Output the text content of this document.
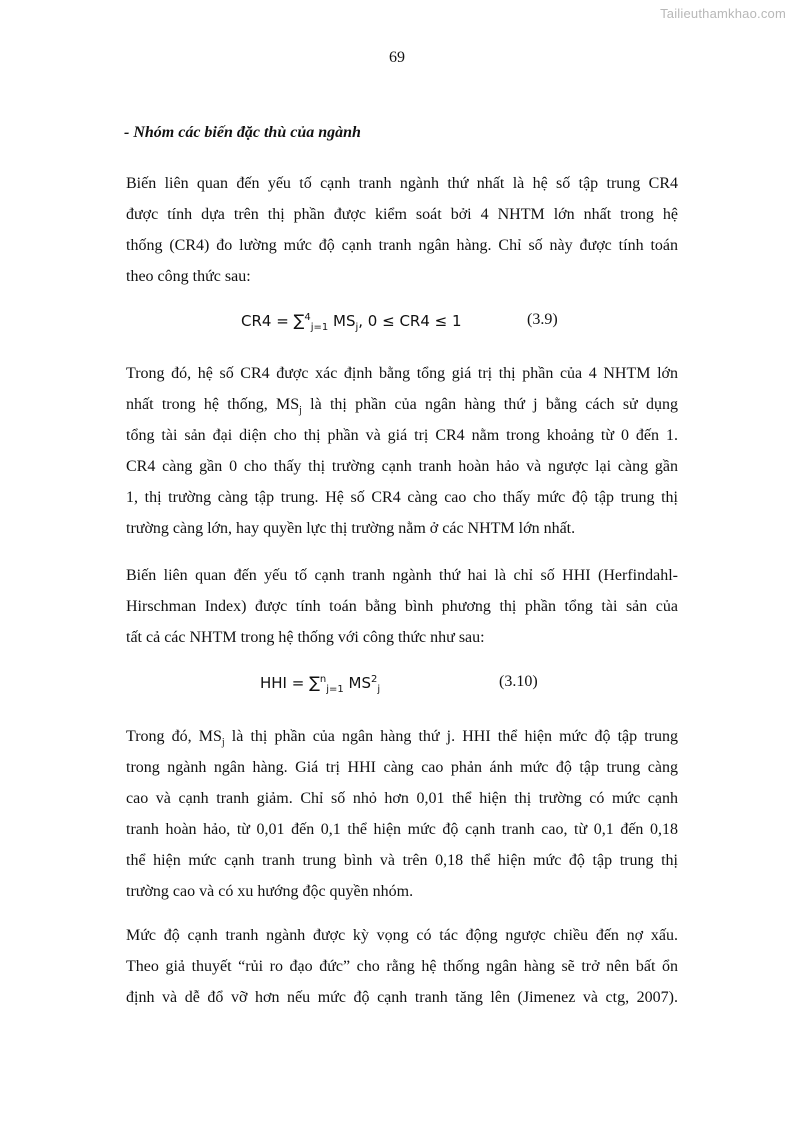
Tailieuthamkhao.com
69
- Nhóm các biến đặc thù của ngành
Biến liên quan đến yếu tố cạnh tranh ngành thứ nhất là hệ số tập trung CR4
được tính dựa trên thị phần được kiểm soát bởi 4 NHTM lớn nhất trong hệ
thống (CR4) đo lường mức độ cạnh tranh ngân hàng. Chỉ số này được tính toán
theo công thức sau:
CR4 = ∑$^4_{j=1}$ $MS_j$, 0 ≤ CR4 ≤ 1	(3.9)
Trong đó, hệ số CR4 được xác định bằng tổng giá trị thị phần của 4 NHTM lớn
nhất trong hệ thống, $MS_j$ là thị phần của ngân hàng thứ j bằng cách sử dụng
tổng tài sản đại diện cho thị phần và giá trị CR4 nằm trong khoảng từ 0 đến 1.
CR4 càng gần 0 cho thấy thị trường cạnh tranh hoàn hảo và ngược lại càng gần
1, thị trường càng tập trung. Hệ số CR4 càng cao cho thấy mức độ tập trung thị
trường càng lớn, hay quyền lực thị trường nằm ở các NHTM lớn nhất.
Biến liên quan đến yếu tố cạnh tranh ngành thứ hai là chỉ số HHI (Herfindahl-
Hirschman Index) được tính toán bằng bình phương thị phần tổng tài sản của
tất cả các NHTM trong hệ thống với công thức như sau:
HHI = ∑$^n_{j=1}$ $MS^2_j$	(3.10)
Trong đó, $MS_j$ là thị phần của ngân hàng thứ j. HHI thể hiện mức độ tập trung
trong ngành ngân hàng. Giá trị HHI càng cao phản ánh mức độ tập trung càng
cao và cạnh tranh giảm. Chỉ số nhỏ hơn 0,01 thể hiện thị trường có mức cạnh
tranh hoàn hảo, từ 0,01 đến 0,1 thể hiện mức độ cạnh tranh cao, từ 0,1 đến 0,18
thể hiện mức cạnh tranh trung bình và trên 0,18 thể hiện mức độ tập trung thị
trường cao và có xu hướng độc quyền nhóm.
Mức độ cạnh tranh ngành được kỳ vọng có tác động ngược chiều đến nợ xấu.
Theo giả thuyết “rủi ro đạo đức” cho rằng hệ thống ngân hàng sẽ trở nên bất ổn
định và dễ đổ vỡ hơn nếu mức độ cạnh tranh tăng lên (Jimenez và ctg, 2007).
